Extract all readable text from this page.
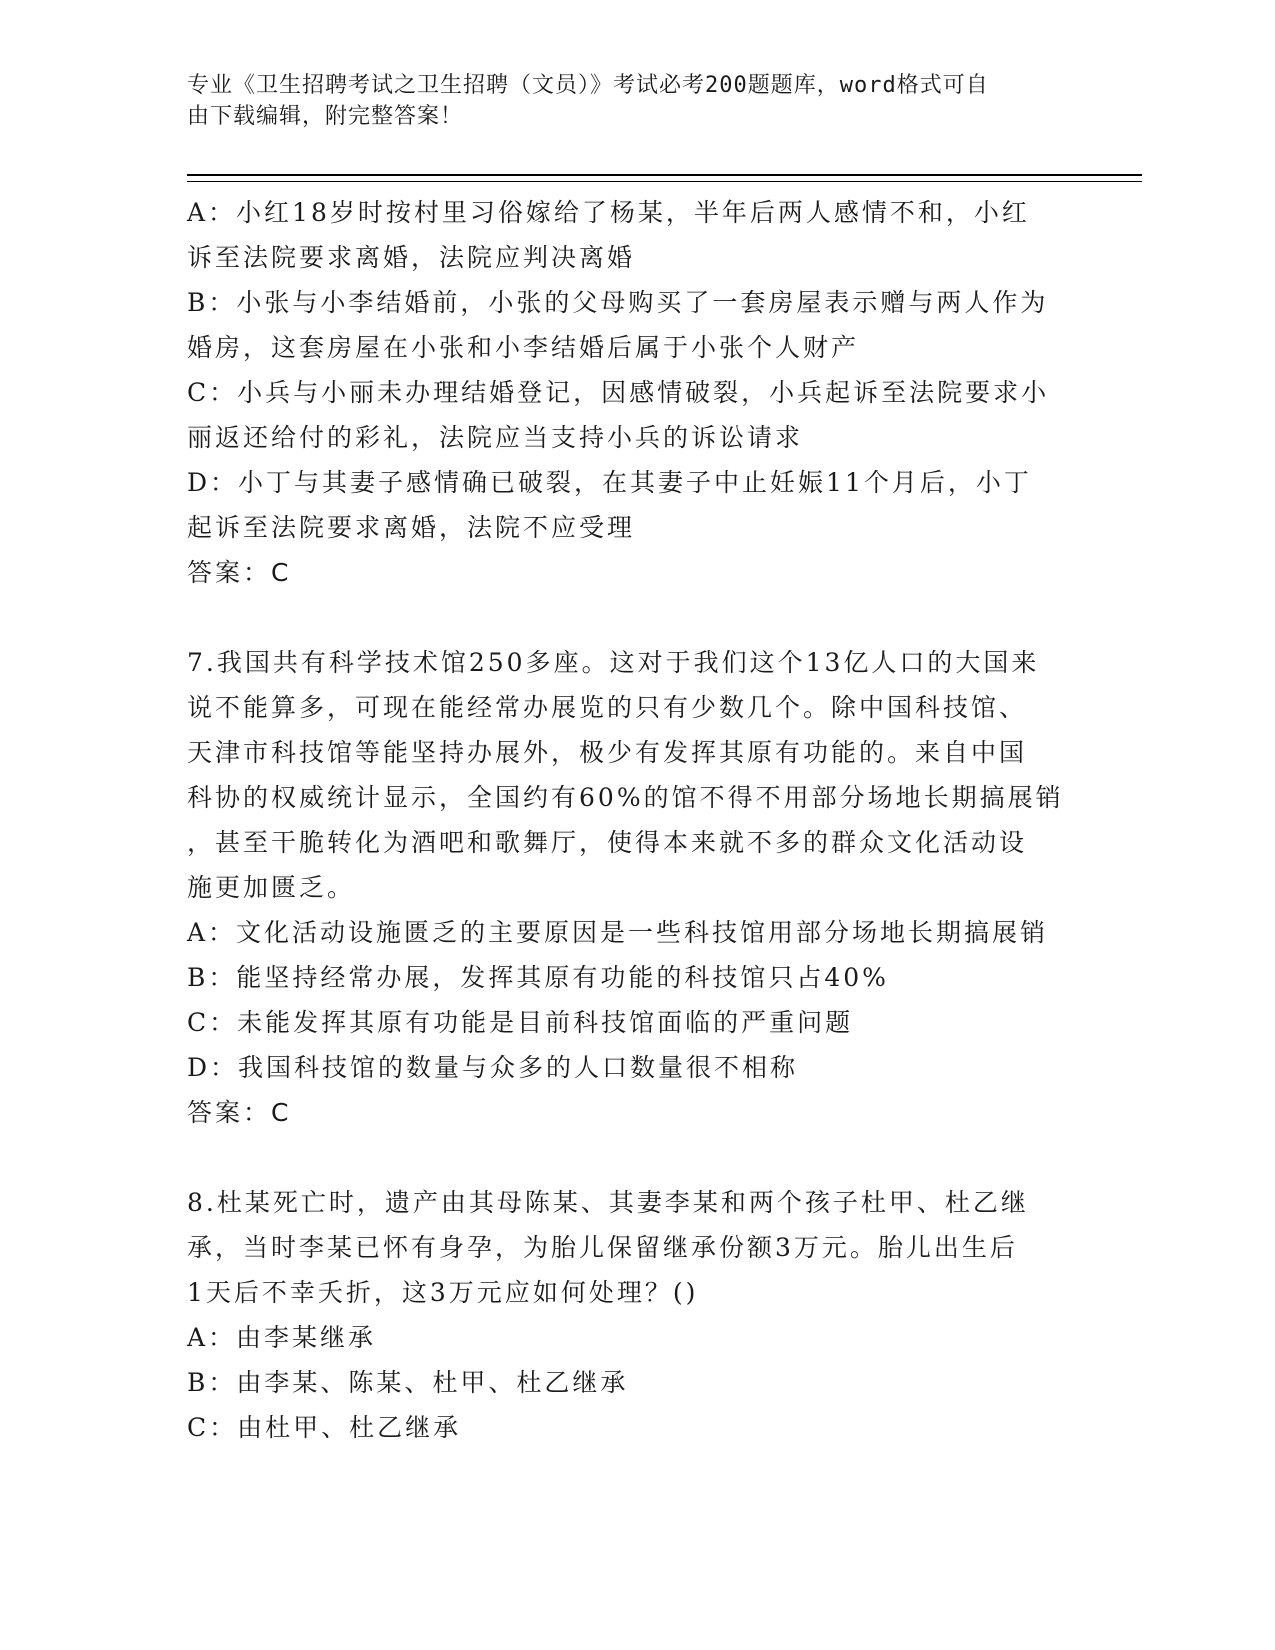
专业《卫生招聘考试之卫生招聘（文员）》考试必考200题题库，word格式可自
由下载编辑，附完整答案！
A：小红18岁时按村里习俗嫁给了杨某，半年后两人感情不和，小红
诉至法院要求离婚，法院应判决离婚
B：小张与小李结婚前，小张的父母购买了一套房屋表示赠与两人作为
婚房，这套房屋在小张和小李结婚后属于小张个人财产
C：小兵与小丽未办理结婚登记，因感情破裂，小兵起诉至法院要求小
丽返还给付的彩礼，法院应当支持小兵的诉讼请求
D：小丁与其妻子感情确已破裂，在其妻子中止妊娠11个月后，小丁
起诉至法院要求离婚，法院不应受理
答案：C
7.我国共有科学技术馆250多座。这对于我们这个13亿人口的大国来
说不能算多，可现在能经常办展览的只有少数几个。除中国科技馆、
天津市科技馆等能坚持办展外，极少有发挥其原有功能的。来自中国
科协的权威统计显示，全国约有60%的馆不得不用部分场地长期搞展销
，甚至干脆转化为酒吧和歌舞厅，使得本来就不多的群众文化活动设
施更加匮乏。
A：文化活动设施匮乏的主要原因是一些科技馆用部分场地长期搞展销
B：能坚持经常办展，发挥其原有功能的科技馆只占40%
C：未能发挥其原有功能是目前科技馆面临的严重问题
D：我国科技馆的数量与众多的人口数量很不相称
答案：C
8.杜某死亡时，遗产由其母陈某、其妻李某和两个孩子杜甲、杜乙继
承，当时李某已怀有身孕，为胎儿保留继承份额3万元。胎儿出生后
1天后不幸夭折，这3万元应如何处理？()
A：由李某继承
B：由李某、陈某、杜甲、杜乙继承
C：由杜甲、杜乙继承
